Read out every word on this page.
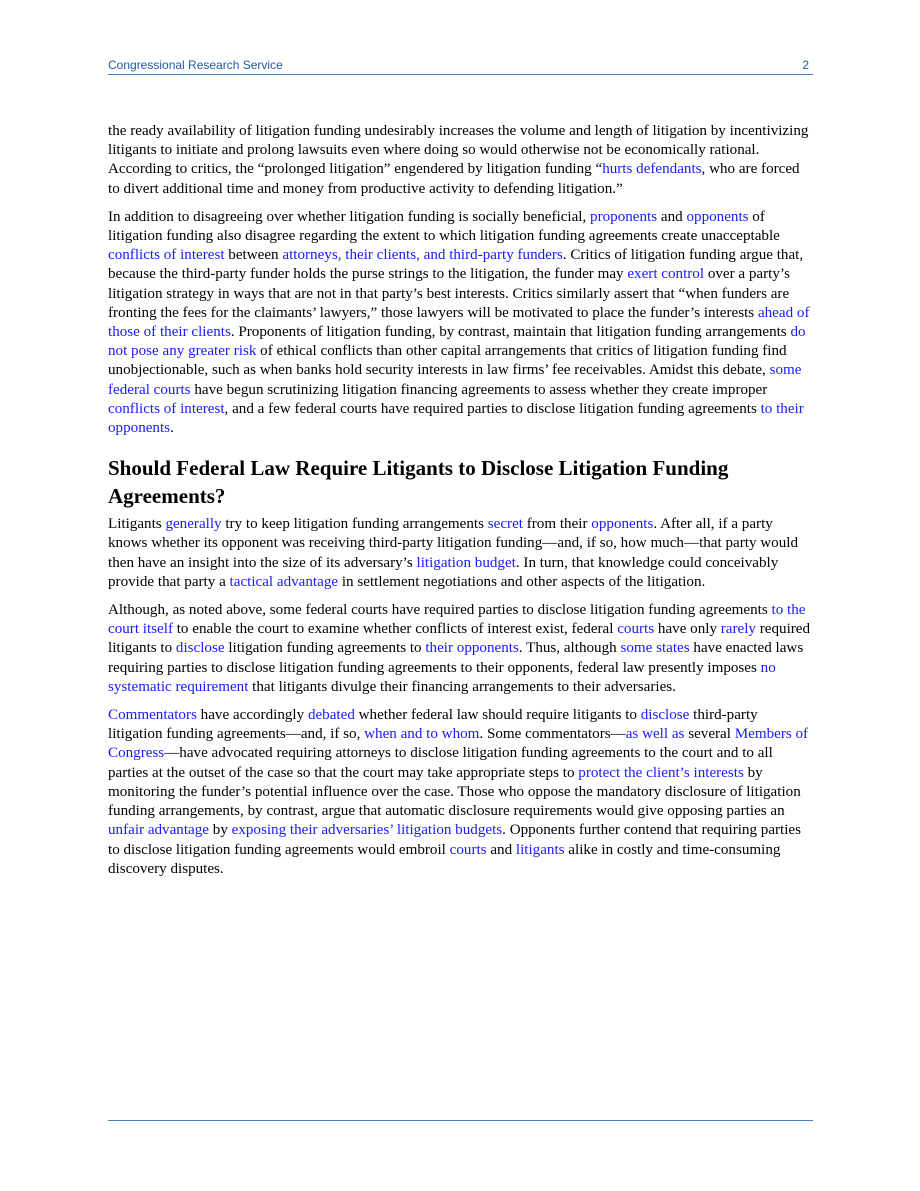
Congressional Research Service	2

the ready availability of litigation funding undesirably increases the volume and length of litigation by incentivizing litigants to initiate and prolong lawsuits even where doing so would otherwise not be economically rational. According to critics, the “prolonged litigation” engendered by litigation funding “hurts defendants, who are forced to divert additional time and money from productive activity to defending litigation.”

In addition to disagreeing over whether litigation funding is socially beneficial, proponents and opponents of litigation funding also disagree regarding the extent to which litigation funding agreements create unacceptable conflicts of interest between attorneys, their clients, and third-party funders. Critics of litigation funding argue that, because the third-party funder holds the purse strings to the litigation, the funder may exert control over a party’s litigation strategy in ways that are not in that party’s best interests. Critics similarly assert that “when funders are fronting the fees for the claimants’ lawyers,” those lawyers will be motivated to place the funder’s interests ahead of those of their clients. Proponents of litigation funding, by contrast, maintain that litigation funding arrangements do not pose any greater risk of ethical conflicts than other capital arrangements that critics of litigation funding find unobjectionable, such as when banks hold security interests in law firms’ fee receivables. Amidst this debate, some federal courts have begun scrutinizing litigation financing agreements to assess whether they create improper conflicts of interest, and a few federal courts have required parties to disclose litigation funding agreements to their opponents.

Should Federal Law Require Litigants to Disclose Litigation Funding Agreements?

Litigants generally try to keep litigation funding arrangements secret from their opponents. After all, if a party knows whether its opponent was receiving third-party litigation funding—and, if so, how much—that party would then have an insight into the size of its adversary’s litigation budget. In turn, that knowledge could conceivably provide that party a tactical advantage in settlement negotiations and other aspects of the litigation.

Although, as noted above, some federal courts have required parties to disclose litigation funding agreements to the court itself to enable the court to examine whether conflicts of interest exist, federal courts have only rarely required litigants to disclose litigation funding agreements to their opponents. Thus, although some states have enacted laws requiring parties to disclose litigation funding agreements to their opponents, federal law presently imposes no systematic requirement that litigants divulge their financing arrangements to their adversaries.

Commentators have accordingly debated whether federal law should require litigants to disclose third-party litigation funding agreements—and, if so, when and to whom. Some commentators—as well as several Members of Congress—have advocated requiring attorneys to disclose litigation funding agreements to the court and to all parties at the outset of the case so that the court may take appropriate steps to protect the client’s interests by monitoring the funder’s potential influence over the case. Those who oppose the mandatory disclosure of litigation funding arrangements, by contrast, argue that automatic disclosure requirements would give opposing parties an unfair advantage by exposing their adversaries’ litigation budgets. Opponents further contend that requiring parties to disclose litigation funding agreements would embroil courts and litigants alike in costly and time-consuming discovery disputes.
